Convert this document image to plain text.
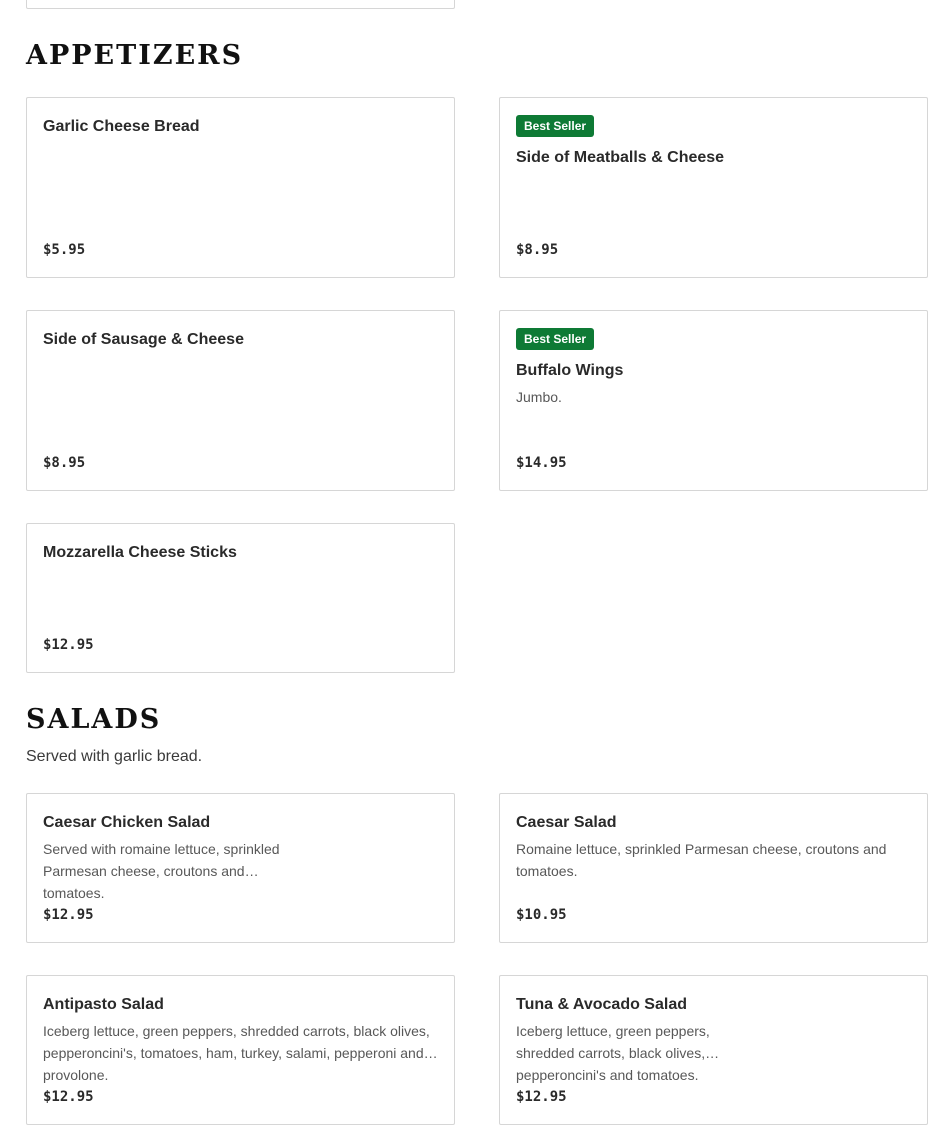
APPETIZERS
Garlic Cheese Bread
$5.95
Best Seller
Side of Meatballs & Cheese
$8.95
Side of Sausage & Cheese
$8.95
Best Seller
Buffalo Wings
Jumbo.
$14.95
Mozzarella Cheese Sticks
$12.95
SALADS
Served with garlic bread.
Caesar Chicken Salad
Served with romaine lettuce, sprinkled Parmesan cheese, croutons and tomatoes.
$12.95
Caesar Salad
Romaine lettuce, sprinkled Parmesan cheese, croutons and tomatoes.
$10.95
Antipasto Salad
Iceberg lettuce, green peppers, shredded carrots, black olives, pepperoncini's, tomatoes, ham, turkey, salami, pepperoni and provolone.
$12.95
Tuna & Avocado Salad
Iceberg lettuce, green peppers, shredded carrots, black olives, pepperoncini's and tomatoes.
$12.95
